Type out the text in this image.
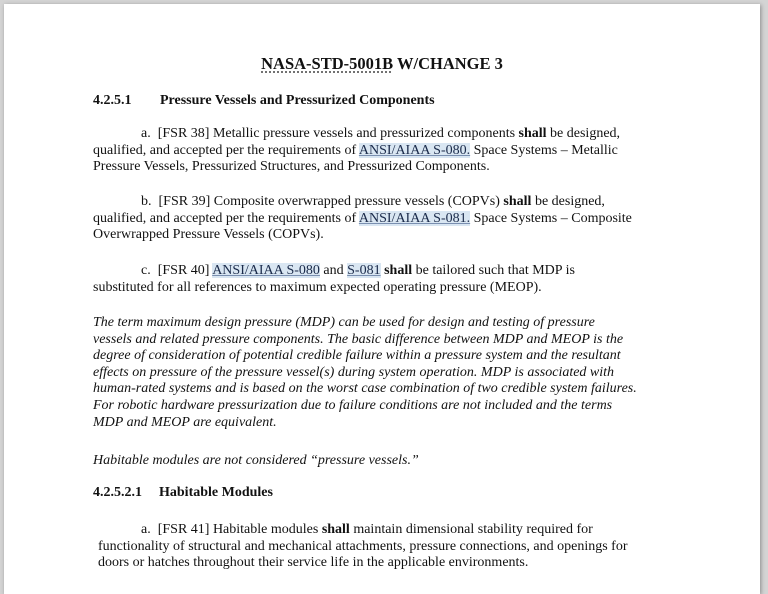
NASA-STD-5001B W/CHANGE 3
4.2.5.1 Pressure Vessels and Pressurized Components
a.  [FSR 38] Metallic pressure vessels and pressurized components shall be designed,
qualified, and accepted per the requirements of ANSI/AIAA S-080. Space Systems – Metallic
Pressure Vessels, Pressurized Structures, and Pressurized Components.
b.  [FSR 39] Composite overwrapped pressure vessels (COPVs) shall be designed,
qualified, and accepted per the requirements of ANSI/AIAA S-081. Space Systems – Composite
Overwrapped Pressure Vessels (COPVs).
c.  [FSR 40] ANSI/AIAA S-080 and S-081 shall be tailored such that MDP is
substituted for all references to maximum expected operating pressure (MEOP).
The term maximum design pressure (MDP) can be used for design and testing of pressure
vessels and related pressure components. The basic difference between MDP and MEOP is the
degree of consideration of potential credible failure within a pressure system and the resultant
effects on pressure of the pressure vessel(s) during system operation. MDP is associated with
human-rated systems and is based on the worst case combination of two credible system failures.
For robotic hardware pressurization due to failure conditions are not included and the terms
MDP and MEOP are equivalent.
Habitable modules are not considered “pressure vessels.”
4.2.5.2.1 Habitable Modules
a.  [FSR 41] Habitable modules shall maintain dimensional stability required for
functionality of structural and mechanical attachments, pressure connections, and openings for
doors or hatches throughout their service life in the applicable environments.
